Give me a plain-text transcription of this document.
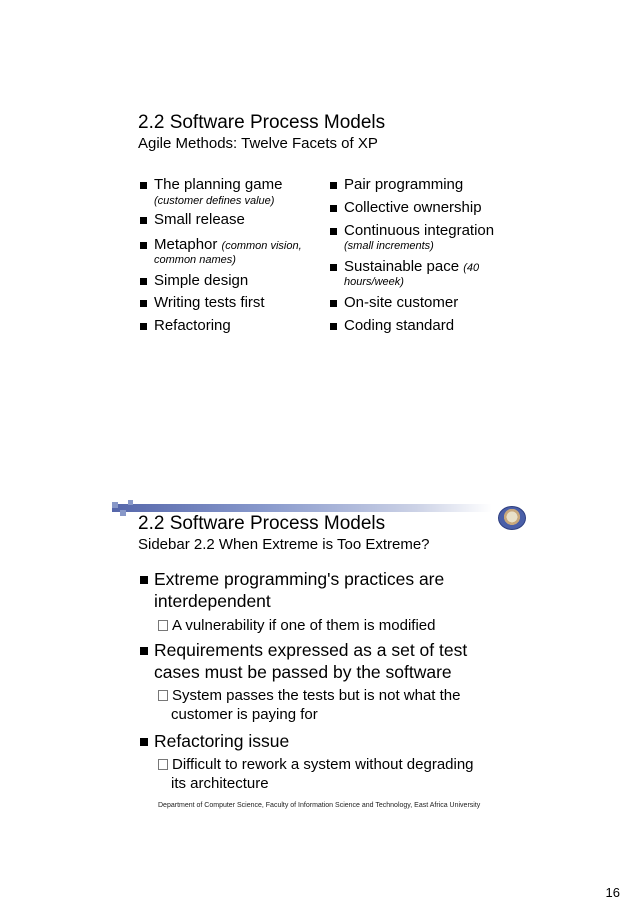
2.2 Software Process Models
Agile Methods: Twelve Facets of XP
The planning game
(customer defines value)
Small release
Metaphor (common vision,
common names)
Simple design
Writing tests first
Refactoring
Pair programming
Collective ownership
Continuous integration
(small increments)
Sustainable pace (40
hours/week)
On-site customer
Coding standard
2.2 Software Process Models
Sidebar 2.2 When Extreme is Too Extreme?
Extreme programming's practices are
interdependent
A vulnerability if one of them is modified
Requirements expressed as a set of test
cases must be passed by the software
System passes the tests but is not what the
customer is paying for
Refactoring issue
Difficult to rework a system without degrading
its architecture
Department of Computer Science, Faculty of Information Science and Technology, East Africa University
16
